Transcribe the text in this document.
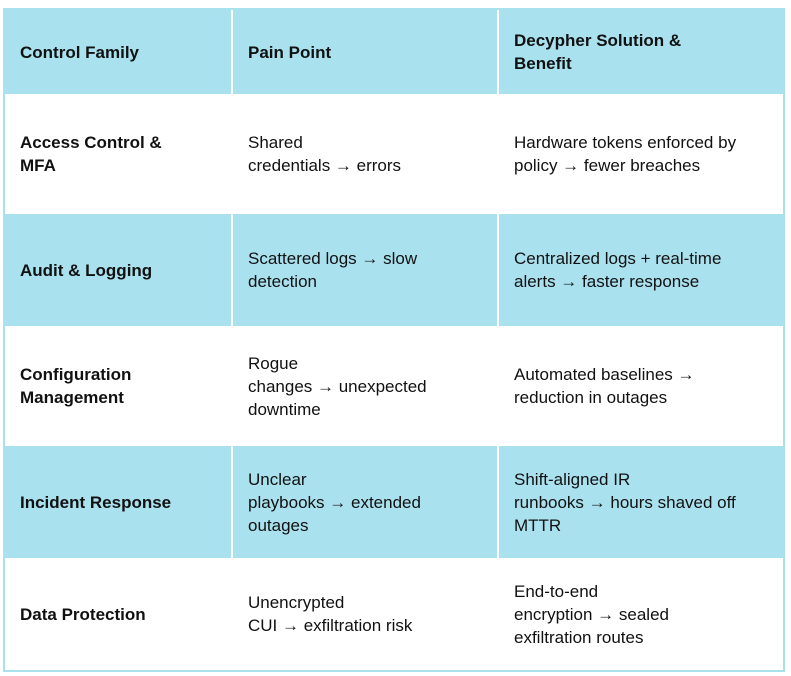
Control Family	Pain Point
Decypher Solution &
Benefit
Access Control &
MFA
Shared
credentials → errors
Hardware tokens enforced by
policy → fewer breaches
Audit & Logging
Scattered logs → slow
detection
Centralized logs + real-time
alerts → faster response
Configuration
Management
Rogue
changes → unexpected
downtime
Automated baselines →
reduction in outages
Incident Response
Unclear
playbooks → extended
outages
Shift-aligned IR
runbooks → hours shaved off
MTTR
Data Protection
Unencrypted
CUI → exfiltration risk
End-to-end
encryption → sealed
exfiltration routes
